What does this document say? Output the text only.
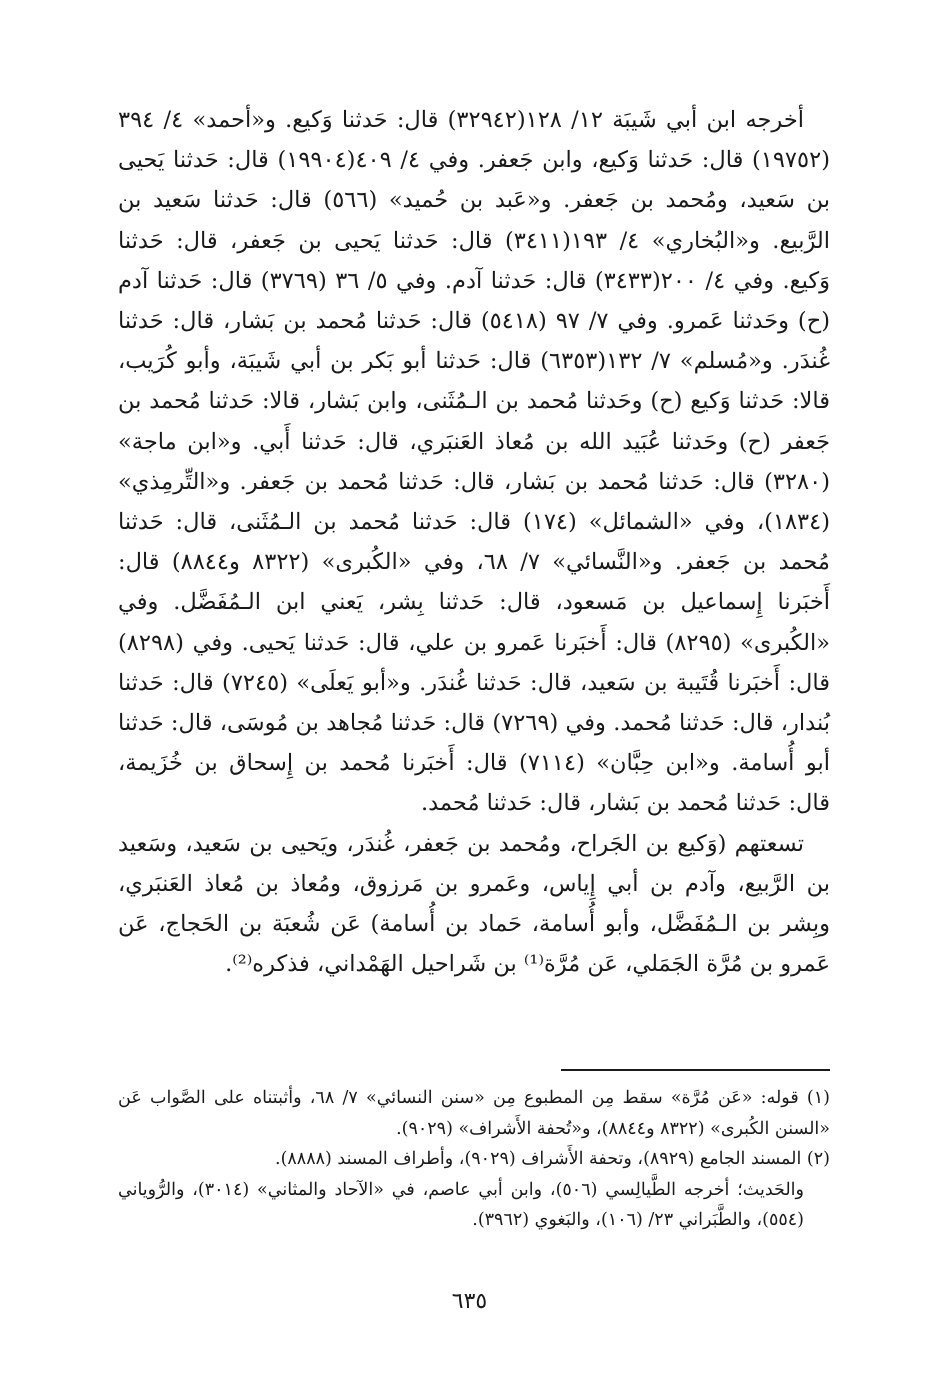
أخرجه ابن أبي شَيبَة ١٢/ ١٢٨(٣٢٩٤٢) قال: حَدثنا وَكيع. و«أحمد» ٤/ ٣٩٤ (١٩٧٥٢) قال: حَدثنا وَكيع، وابن جَعفر. وفي ٤/ ٤٠٩(١٩٩٠٤) قال: حَدثنا يَحيى بن سَعيد، ومُحمد بن جَعفر. و«عَبد بن حُميد» (٥٦٦) قال: حَدثنا سَعيد بن الرَّبيع. و«البُخاري» ٤/ ١٩٣(٣٤١١) قال: حَدثنا يَحيى بن جَعفر، قال: حَدثنا وَكيع. وفي ٤/ ٢٠٠(٣٤٣٣) قال: حَدثنا آدم. وفي ٥/ ٣٦ (٣٧٦٩) قال: حَدثنا آدم (ح) وحَدثنا عَمرو. وفي ٧/ ٩٧ (٥٤١٨) قال: حَدثنا مُحمد بن بَشار، قال: حَدثنا غُندَر. و«مُسلم» ٧/ ١٣٢(٦٣٥٣) قال: حَدثنا أبو بَكر بن أبي شَيبَة، وأبو كُرَيب، قالا: حَدثنا وَكيع (ح) وحَدثنا مُحمد بن الـمُثَنى، وابن بَشار، قالا: حَدثنا مُحمد بن جَعفر (ح) وحَدثنا عُبَيد الله بن مُعاذ العَنبَري، قال: حَدثنا أَبي. و«ابن ماجة» (٣٢٨٠) قال: حَدثنا مُحمد بن بَشار، قال: حَدثنا مُحمد بن جَعفر. و«التِّرمِذي» (١٨٣٤)، وفي «الشمائل» (١٧٤) قال: حَدثنا مُحمد بن الـمُثَنى، قال: حَدثنا مُحمد بن جَعفر. و«النَّسائي» ٧/ ٦٨، وفي «الكُبرى» (٨٣٢٢ و٨٨٤٤) قال: أَخبَرنا إِسماعيل بن مَسعود، قال: حَدثنا بِشر، يَعني ابن الـمُفَضَّل. وفي «الكُبرى» (٨٢٩٥) قال: أَخبَرنا عَمرو بن علي، قال: حَدثنا يَحيى. وفي (٨٢٩٨) قال: أَخبَرنا قُتَيبة بن سَعيد، قال: حَدثنا غُندَر. و«أبو يَعلَى» (٧٢٤٥) قال: حَدثنا بُندار، قال: حَدثنا مُحمد. وفي (٧٢٦٩) قال: حَدثنا مُجاهد بن مُوسَى، قال: حَدثنا أبو أُسامة. و«ابن حِبَّان» (٧١١٤) قال: أَخبَرنا مُحمد بن إِسحاق بن خُزَيمة، قال: حَدثنا مُحمد بن بَشار، قال: حَدثنا مُحمد.

تسعتهم (وَكيع بن الجَراح، ومُحمد بن جَعفر، غُندَر، ويَحيى بن سَعيد، وسَعيد بن الرَّبيع، وآدم بن أبي إِياس، وعَمرو بن مَرزوق، ومُعاذ بن مُعاذ العَنبَري، وبِشر بن الـمُفَضَّل، وأبو أُسامة، حَماد بن أُسامة) عَن شُعبَة بن الحَجاج، عَن عَمرو بن مُرَّة الجَمَلي، عَن مُرَّة⁽¹⁾ بن شَراحيل الهَمْداني، فذكره⁽²⁾.

(١) قوله: «عَن مُرَّة» سقط مِن المطبوع مِن «سنن النسائي» ٧/ ٦٨، وأثبتناه على الصَّواب عَن «السنن الكُبرى» (٨٣٢٢ و٨٨٤٤)، و«تُحفة الأَشراف» (٩٠٢٩).

(٢) المسند الجامع (٨٩٢٩)، وتحفة الأَشراف (٩٠٢٩)، وأطراف المسند (٨٨٨٨).

والحَديث؛ أخرجه الطَّيالِسي (٥٠٦)، وابن أبي عاصم، في «الآحاد والمثاني» (٣٠١٤)، والرُّوياني (٥٥٤)، والطَّبَراني ٢٣/ (١٠٦)، والبَغوي (٣٩٦٢).

٦٣٥
